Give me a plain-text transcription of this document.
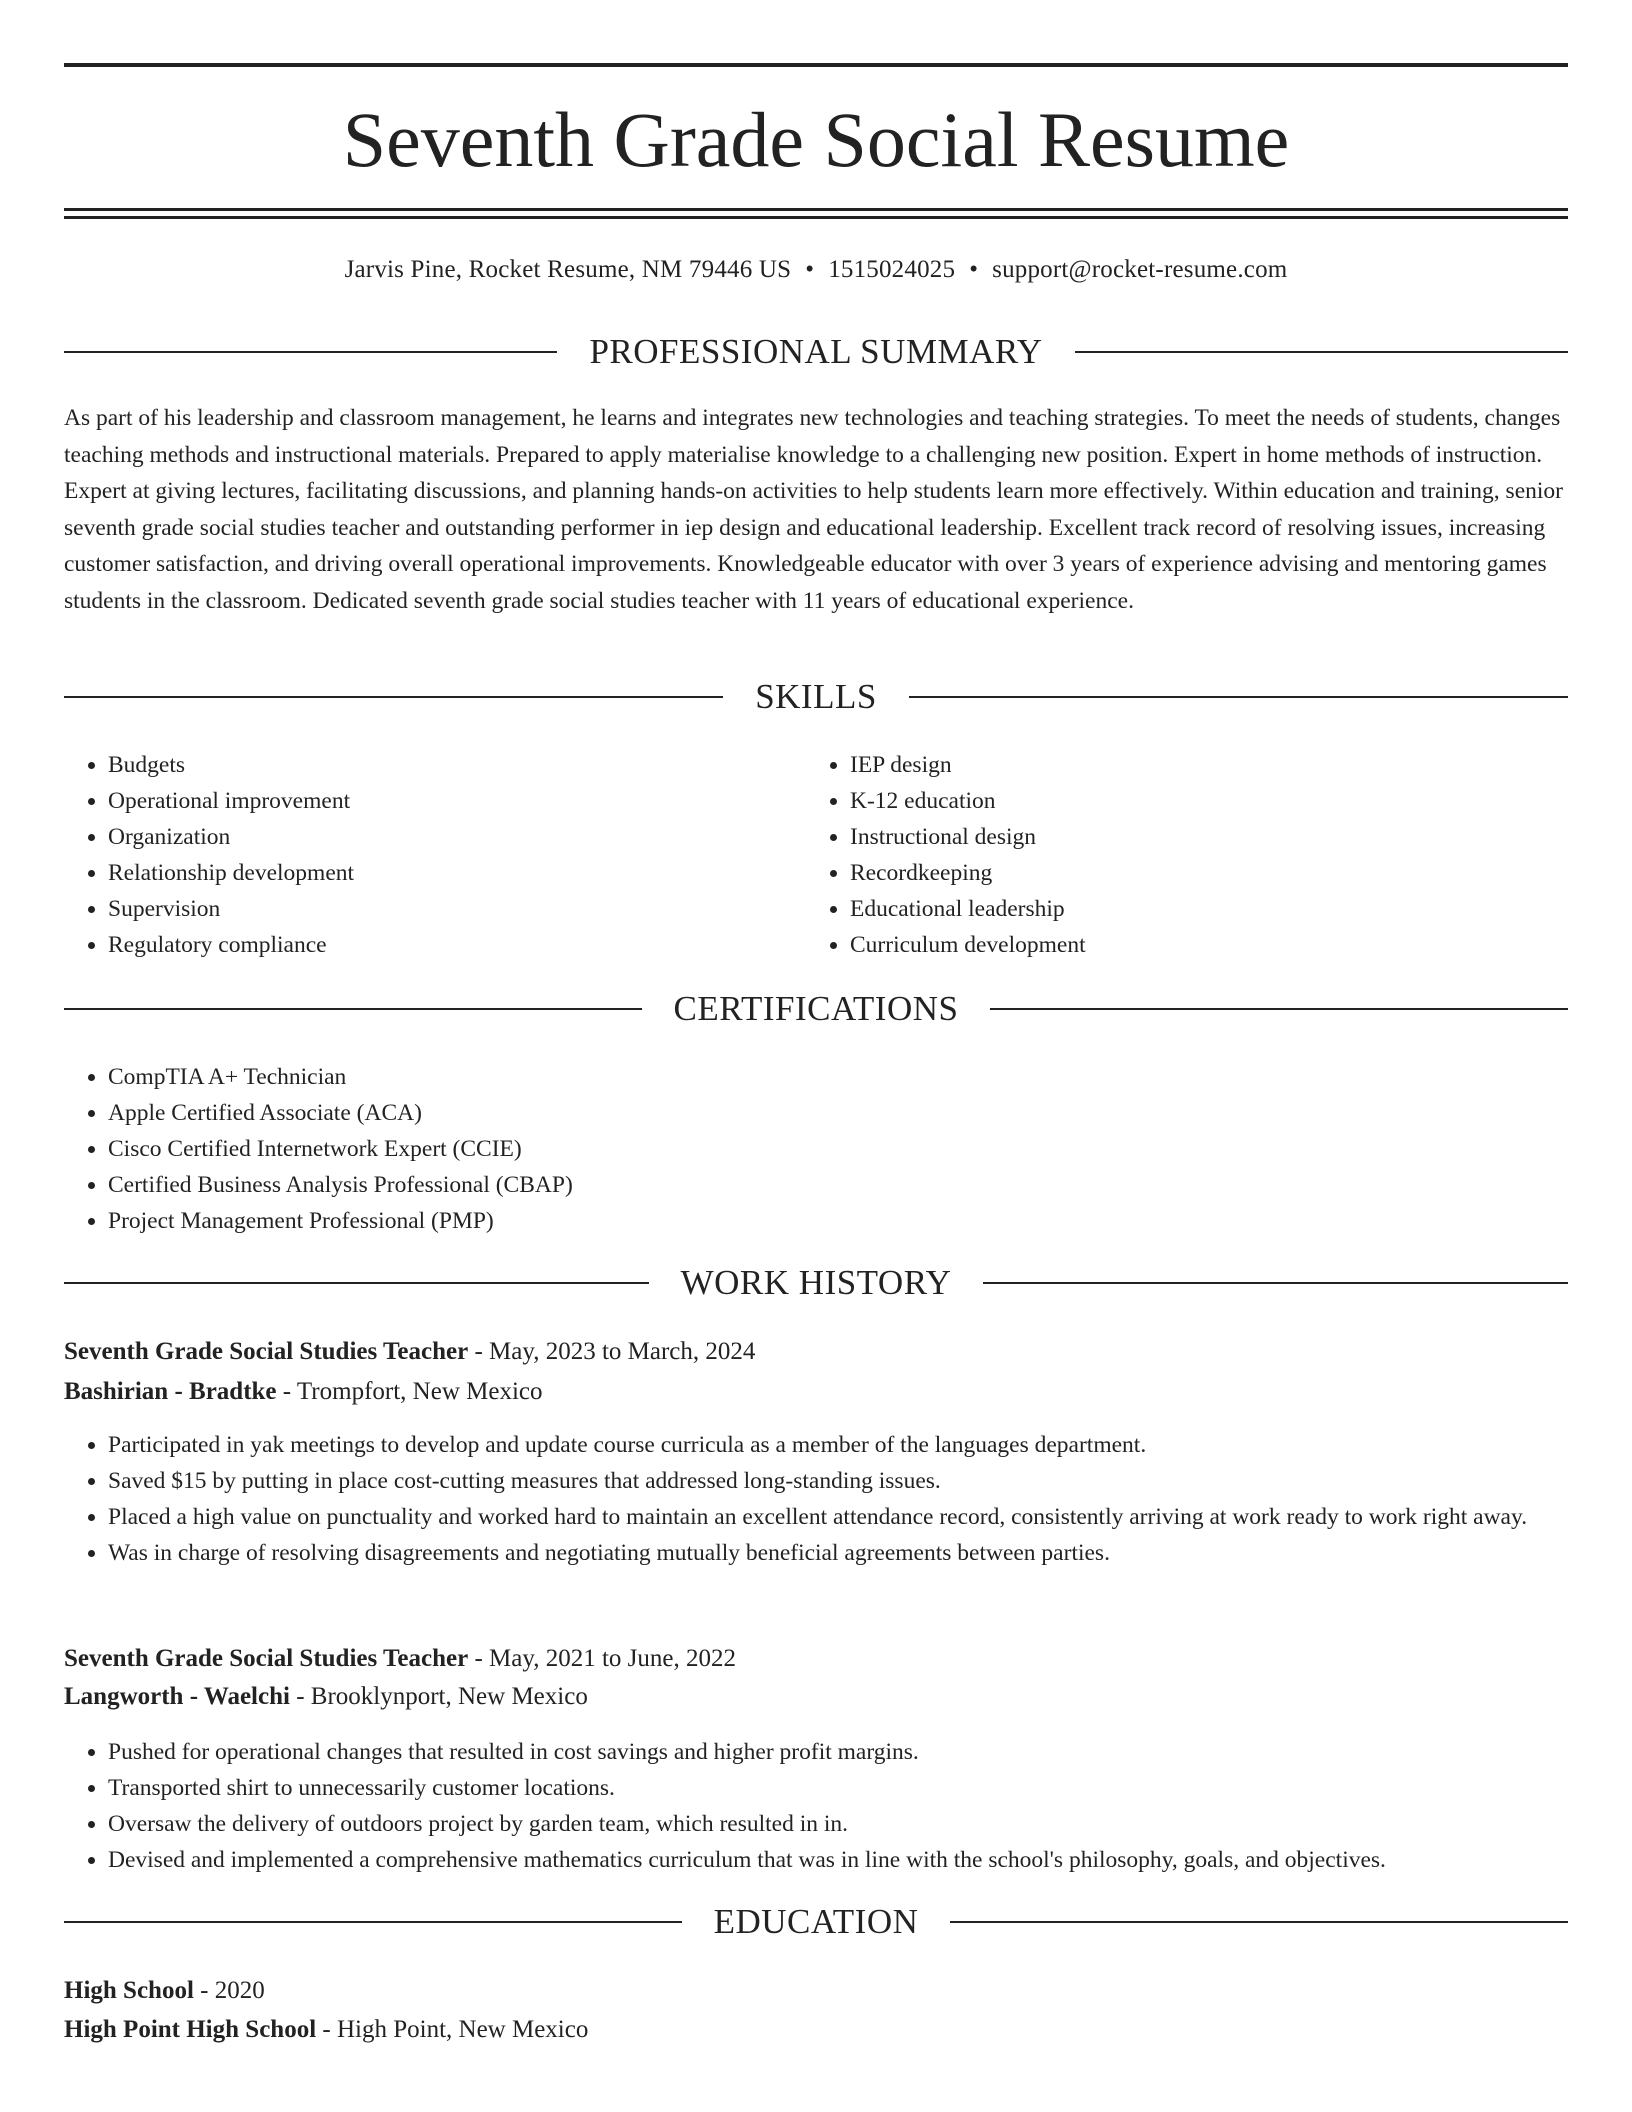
Seventh Grade Social Resume
Jarvis Pine, Rocket Resume, NM 79446 US • 1515024025 • support@rocket-resume.com
PROFESSIONAL SUMMARY

As part of his leadership and classroom management, he learns and integrates new technologies and teaching strategies. To meet the needs of students, changes teaching methods and instructional materials. Prepared to apply materialise knowledge to a challenging new position. Expert in home methods of instruction. Expert at giving lectures, facilitating discussions, and planning hands-on activities to help students learn more effectively. Within education and training, senior seventh grade social studies teacher and outstanding performer in iep design and educational leadership. Excellent track record of resolving issues, increasing customer satisfaction, and driving overall operational improvements. Knowledgeable educator with over 3 years of experience advising and mentoring games students in the classroom. Dedicated seventh grade social studies teacher with 11 years of educational experience.

SKILLS
• Budgets
• Operational improvement
• Organization
• Relationship development
• Supervision
• Regulatory compliance
• IEP design
• K-12 education
• Instructional design
• Recordkeeping
• Educational leadership
• Curriculum development
CERTIFICATIONS
• CompTIA A+ Technician
• Apple Certified Associate (ACA)
• Cisco Certified Internetwork Expert (CCIE)
• Certified Business Analysis Professional (CBAP)
• Project Management Professional (PMP)
WORK HISTORY
Seventh Grade Social Studies Teacher - May, 2023 to March, 2024
Bashirian - Bradtke - Trompfort, New Mexico
• Participated in yak meetings to develop and update course curricula as a member of the languages department.
• Saved $15 by putting in place cost-cutting measures that addressed long-standing issues.
• Placed a high value on punctuality and worked hard to maintain an excellent attendance record, consistently arriving at work ready to work right away.
• Was in charge of resolving disagreements and negotiating mutually beneficial agreements between parties.
Seventh Grade Social Studies Teacher - May, 2021 to June, 2022
Langworth - Waelchi - Brooklynport, New Mexico
• Pushed for operational changes that resulted in cost savings and higher profit margins.
• Transported shirt to unnecessarily customer locations.
• Oversaw the delivery of outdoors project by garden team, which resulted in in.
• Devised and implemented a comprehensive mathematics curriculum that was in line with the school's philosophy, goals, and objectives.
EDUCATION
High School - 2020
High Point High School - High Point, New Mexico
